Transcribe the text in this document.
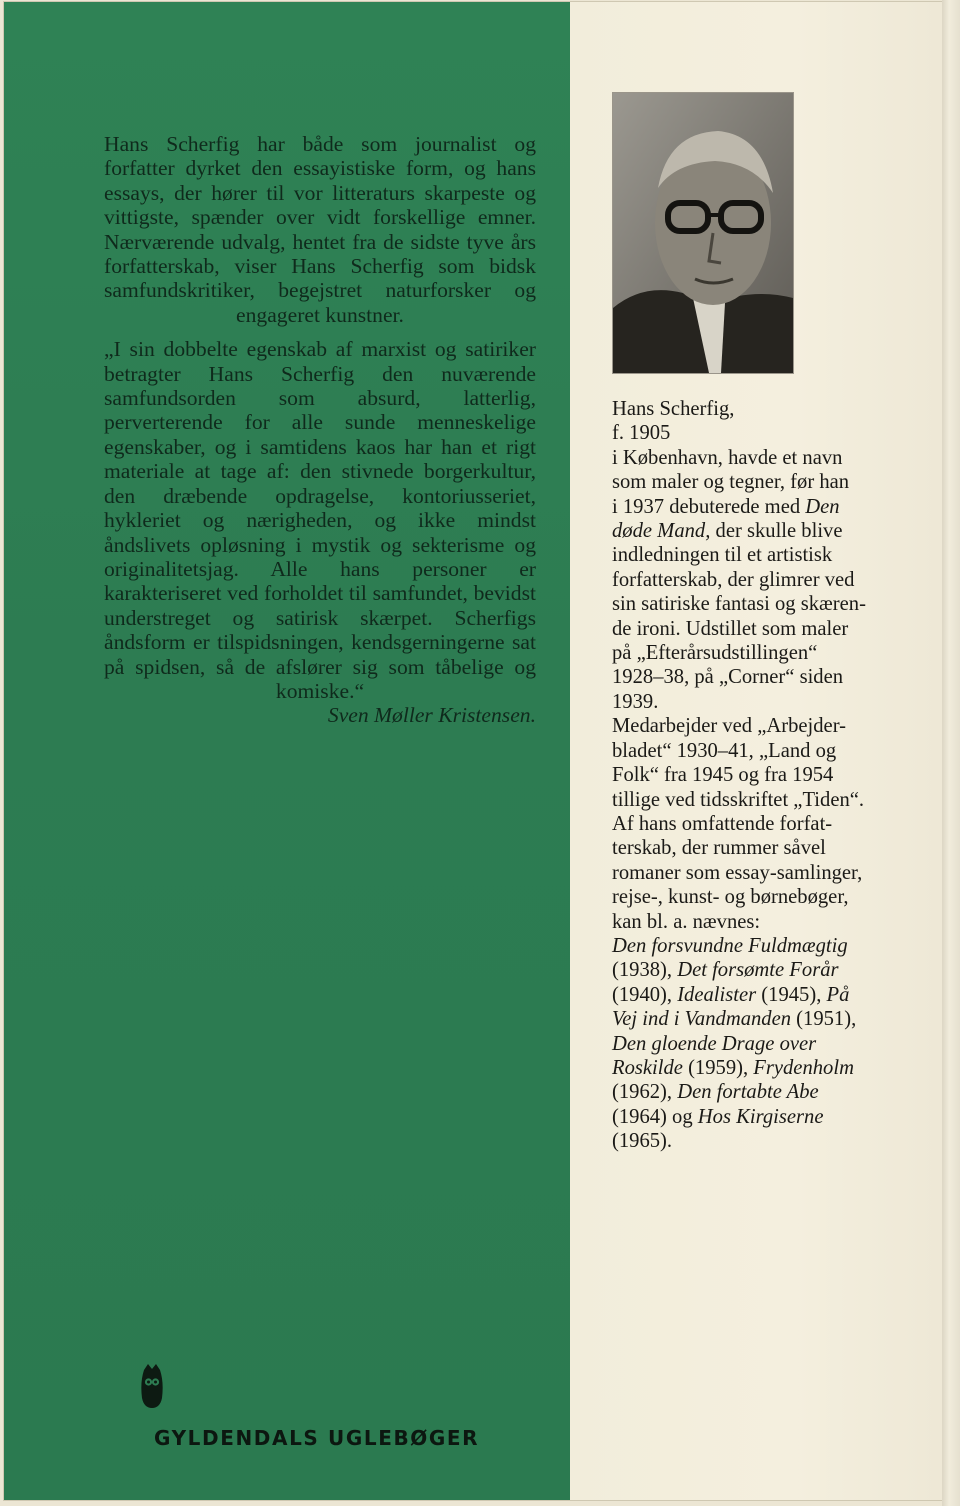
Hans Scherfig har både som journalist og forfatter dyrket den essayistiske form, og hans essays, der hører til vor litteraturs skarpeste og vittigste, spænder over vidt forskellige emner. Nærværende udvalg, hentet fra de sidste tyve års forfatterskab, viser Hans Scherfig som bidsk samfundskritiker, begejstret naturforsker og engageret kunstner.

„I sin dobbelte egenskab af marxist og satiriker betragter Hans Scherfig den nuværende samfundsorden som absurd, latterlig, perverterende for alle sunde menneskelige egenskaber, og i samtidens kaos har han et rigt materiale at tage af: den stivnede borgerkultur, den dræbende opdragelse, kontoriusseriet, hykleriet og nærigheden, og ikke mindst åndslivets opløsning i mystik og sekterisme og originalitetsjag. Alle hans personer er karakteriseret ved forholdet til samfundet, bevidst understreget og satirisk skærpet. Scherfigs åndsform er tilspidsningen, kendsgerningerne sat på spidsen, så de afslører sig som tåbelige og komiske.“

Sven Møller Kristensen.

GYLDENDALS UGLEBØGER
Hans Scherfig,
f. 1905
i København, havde et navn
som maler og tegner, før han
i 1937 debuterede med Den
døde Mand, der skulle blive
indledningen til et artistisk
forfatterskab, der glimrer ved
sin satiriske fantasi og skæren-
de ironi. Udstillet som maler
på „Efterårsudstillingen“
1928–38, på „Corner“ siden
1939.
Medarbejder ved „Arbejder-
bladet“ 1930–41, „Land og
Folk“ fra 1945 og fra 1954
tillige ved tidsskriftet „Tiden“.
Af hans omfattende forfat-
terskab, der rummer såvel
romaner som essay-samlinger,
rejse-, kunst- og børnebøger,
kan bl. a. nævnes:
Den forsvundne Fuldmægtig
(1938), Det forsømte Forår
(1940), Idealister (1945), På
Vej ind i Vandmanden (1951),
Den gloende Drage over
Roskilde (1959), Frydenholm
(1962), Den fortabte Abe
(1964) og Hos Kirgiserne
(1965).
